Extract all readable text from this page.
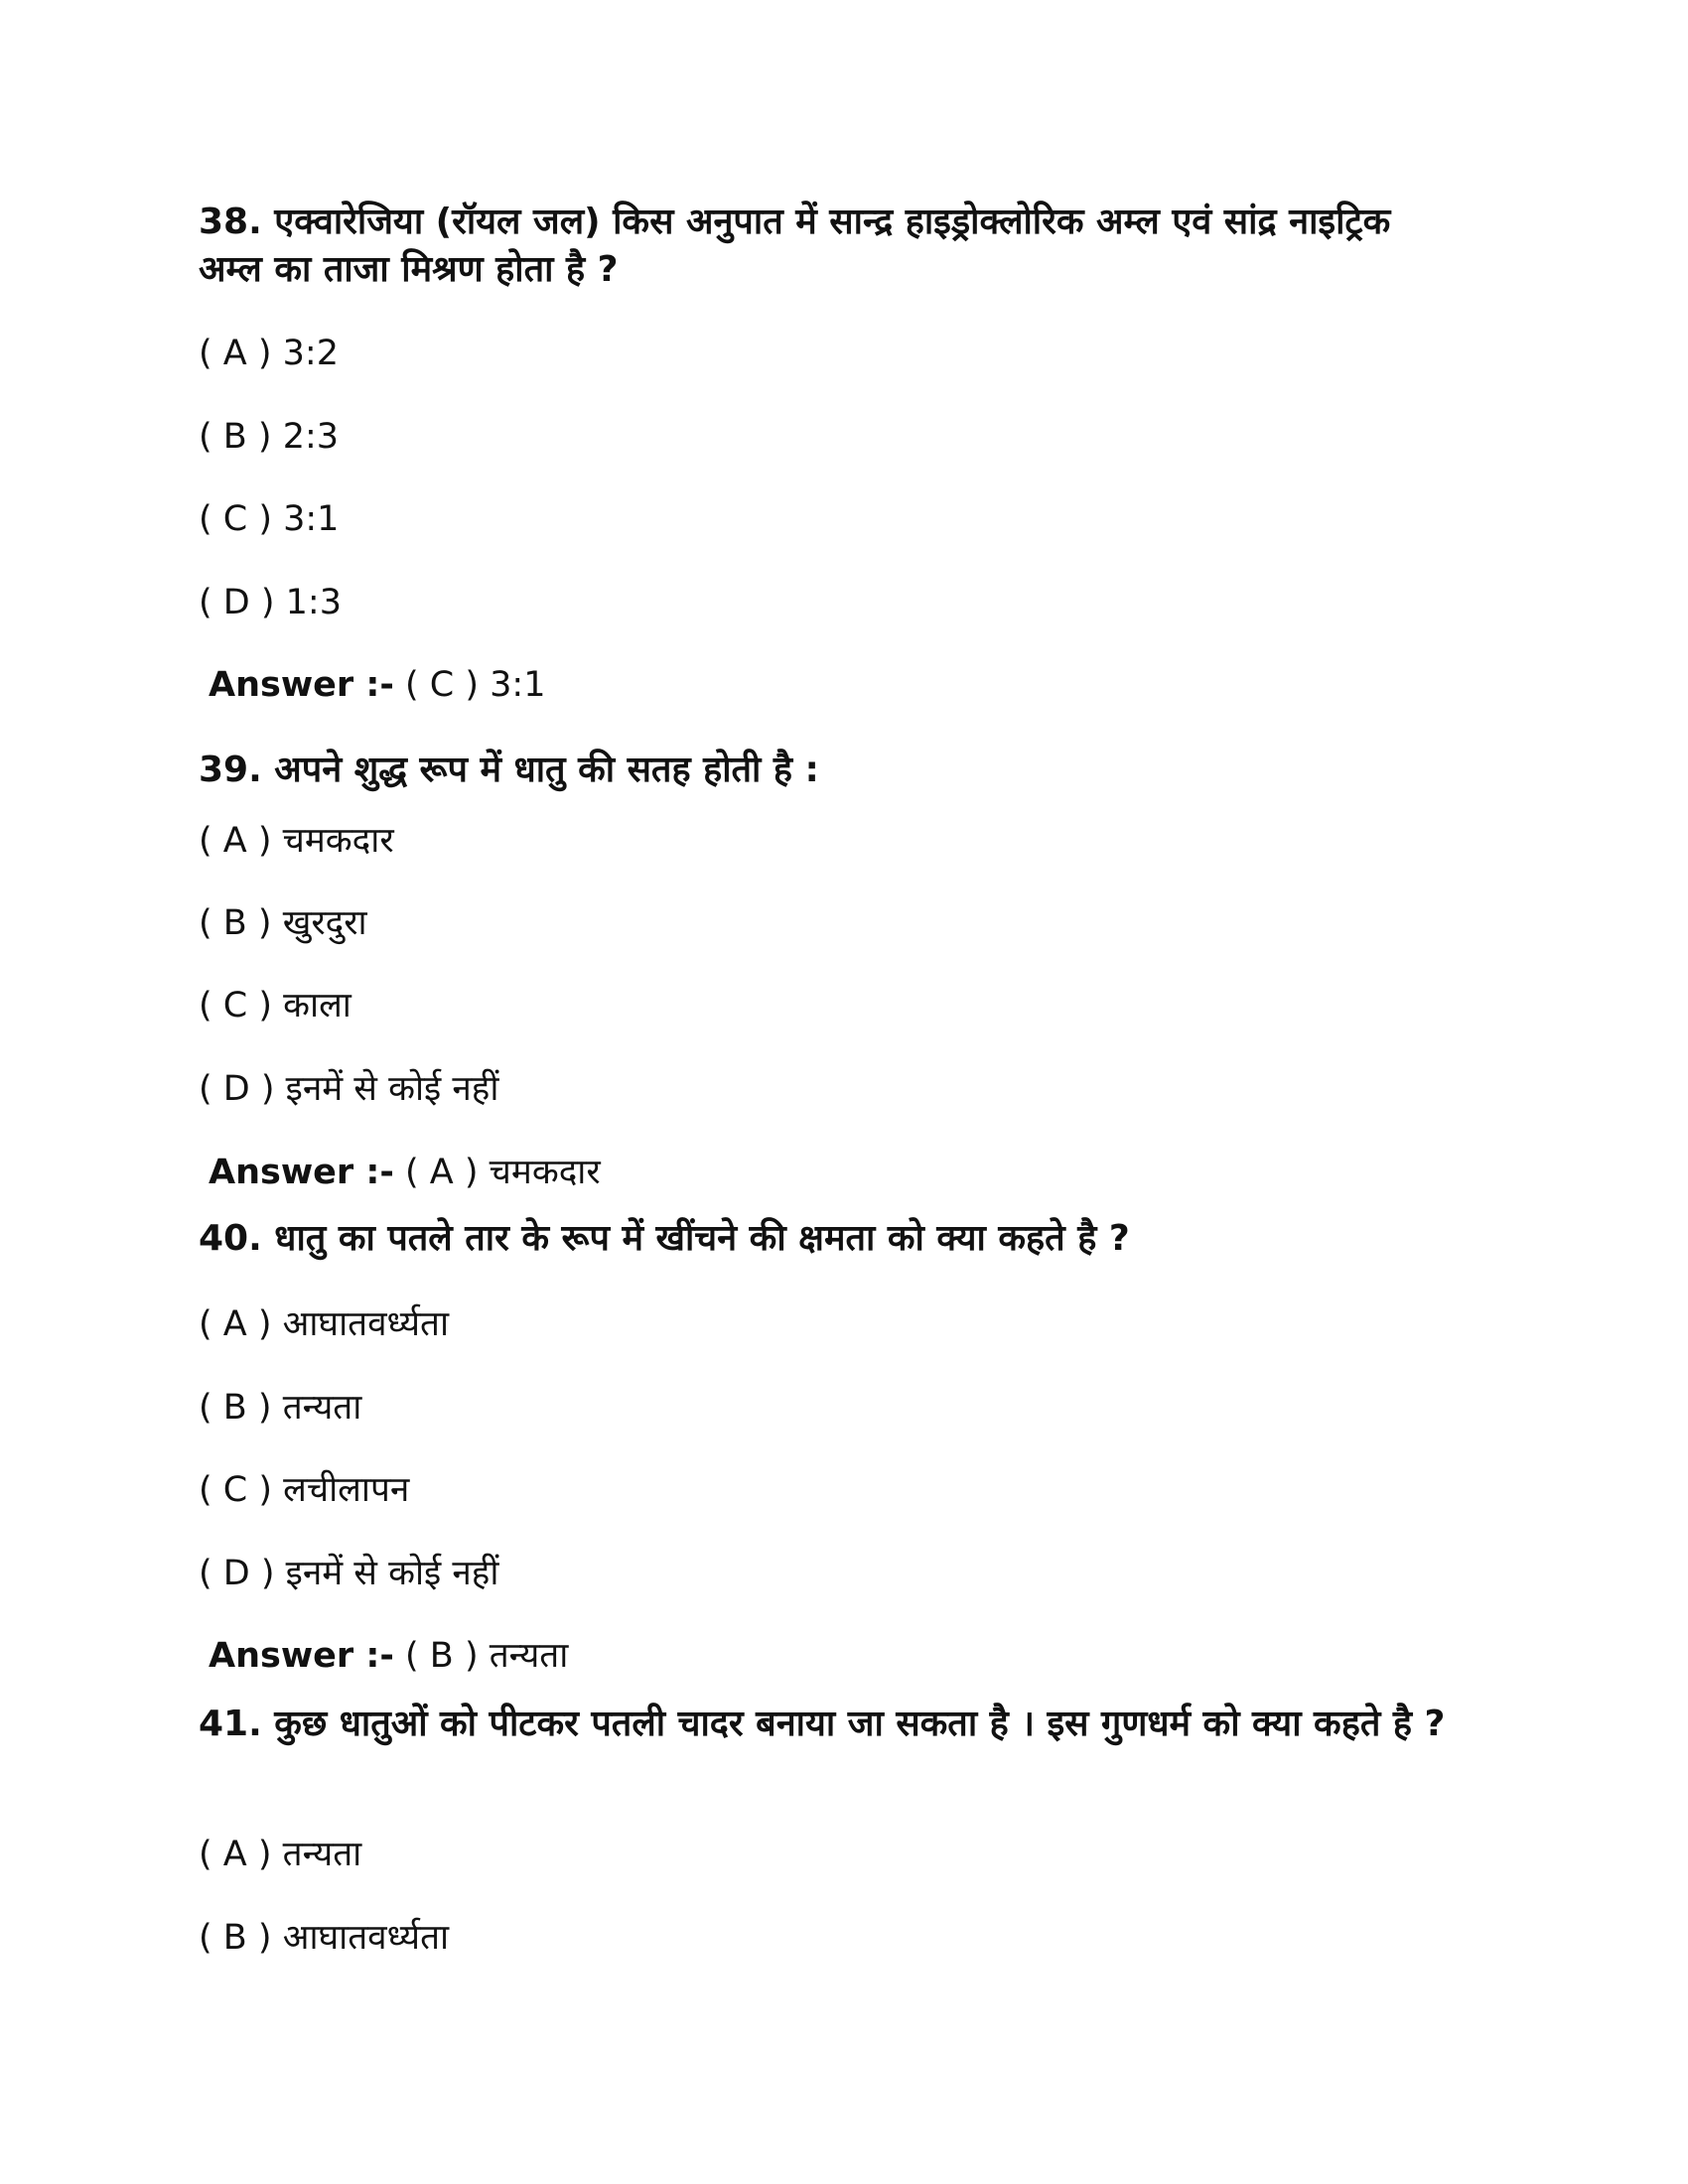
38. एक्वारेजिया (रॉयल जल) किस अनुपात में सान्द्र हाइड्रोक्लोरिक अम्ल एवं सांद्र नाइट्रिक अम्ल का ताजा मिश्रण होता है ?

( A ) 3:2

( B ) 2:3

( C ) 3:1

( D ) 1:3

Answer :- ( C ) 3:1

39. अपने शुद्ध रूप में धातु की सतह होती है :

( A ) चमकदार

( B ) खुरदुरा

( C ) काला

( D ) इनमें से कोई नहीं

Answer :- ( A ) चमकदार

40. धातु का पतले तार के रूप में खींचने की क्षमता को क्या कहते है ?

( A ) आघातवर्ध्यता

( B ) तन्यता

( C ) लचीलापन

( D ) इनमें से कोई नहीं

Answer :- ( B ) तन्यता

41. कुछ धातुओं को पीटकर पतली चादर बनाया जा सकता है । इस गुणधर्म को क्या कहते है ?

( A ) तन्यता

( B ) आघातवर्ध्यता
